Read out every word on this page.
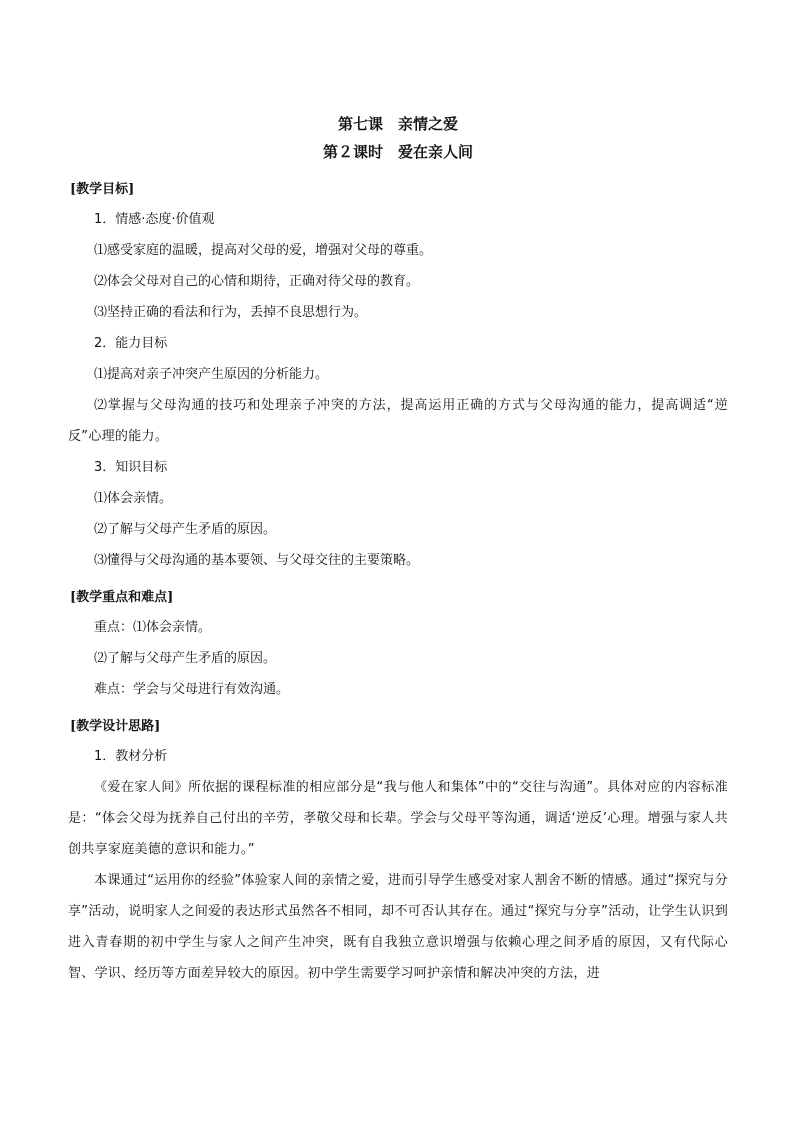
第七课　亲情之爱
第２课时　爱在亲人间
[教学目标]

1．情感·态度·价值观

⑴感受家庭的温暖，提高对父母的爱，增强对父母的尊重。

⑵体会父母对自己的心情和期待，正确对待父母的教育。

⑶坚持正确的看法和行为，丢掉不良思想行为。

2．能力目标

⑴提高对亲子冲突产生原因的分析能力。

⑵掌握与父母沟通的技巧和处理亲子冲突的方法，提高运用正确的方式与父母沟通的能力，提高调适“逆反”心理的能力。

3．知识目标

⑴体会亲情。

⑵了解与父母产生矛盾的原因。

⑶懂得与父母沟通的基本要领、与父母交往的主要策略。

[教学重点和难点]

重点：⑴体会亲情。

⑵了解与父母产生矛盾的原因。

难点：学会与父母进行有效沟通。

[教学设计思路]

1．教材分析

《爱在家人间》所依据的课程标准的相应部分是“我与他人和集体”中的“交往与沟通”。具体对应的内容标准是：“体会父母为抚养自己付出的辛劳，孝敬父母和长辈。学会与父母平等沟通，调适‘逆反’心理。增强与家人共创共享家庭美德的意识和能力。”

本课通过“运用你的经验”体验家人间的亲情之爱，进而引导学生感受对家人割舍不断的情感。通过“探究与分享”活动，说明家人之间爱的表达形式虽然各不相同，却不可否认其存在。通过“探究与分享”活动，让学生认识到进入青春期的初中学生与家人之间产生冲突，既有自我独立意识增强与依赖心理之间矛盾的原因，又有代际心智、学识、经历等方面差异较大的原因。初中学生需要学习呵护亲情和解决冲突的方法，进
